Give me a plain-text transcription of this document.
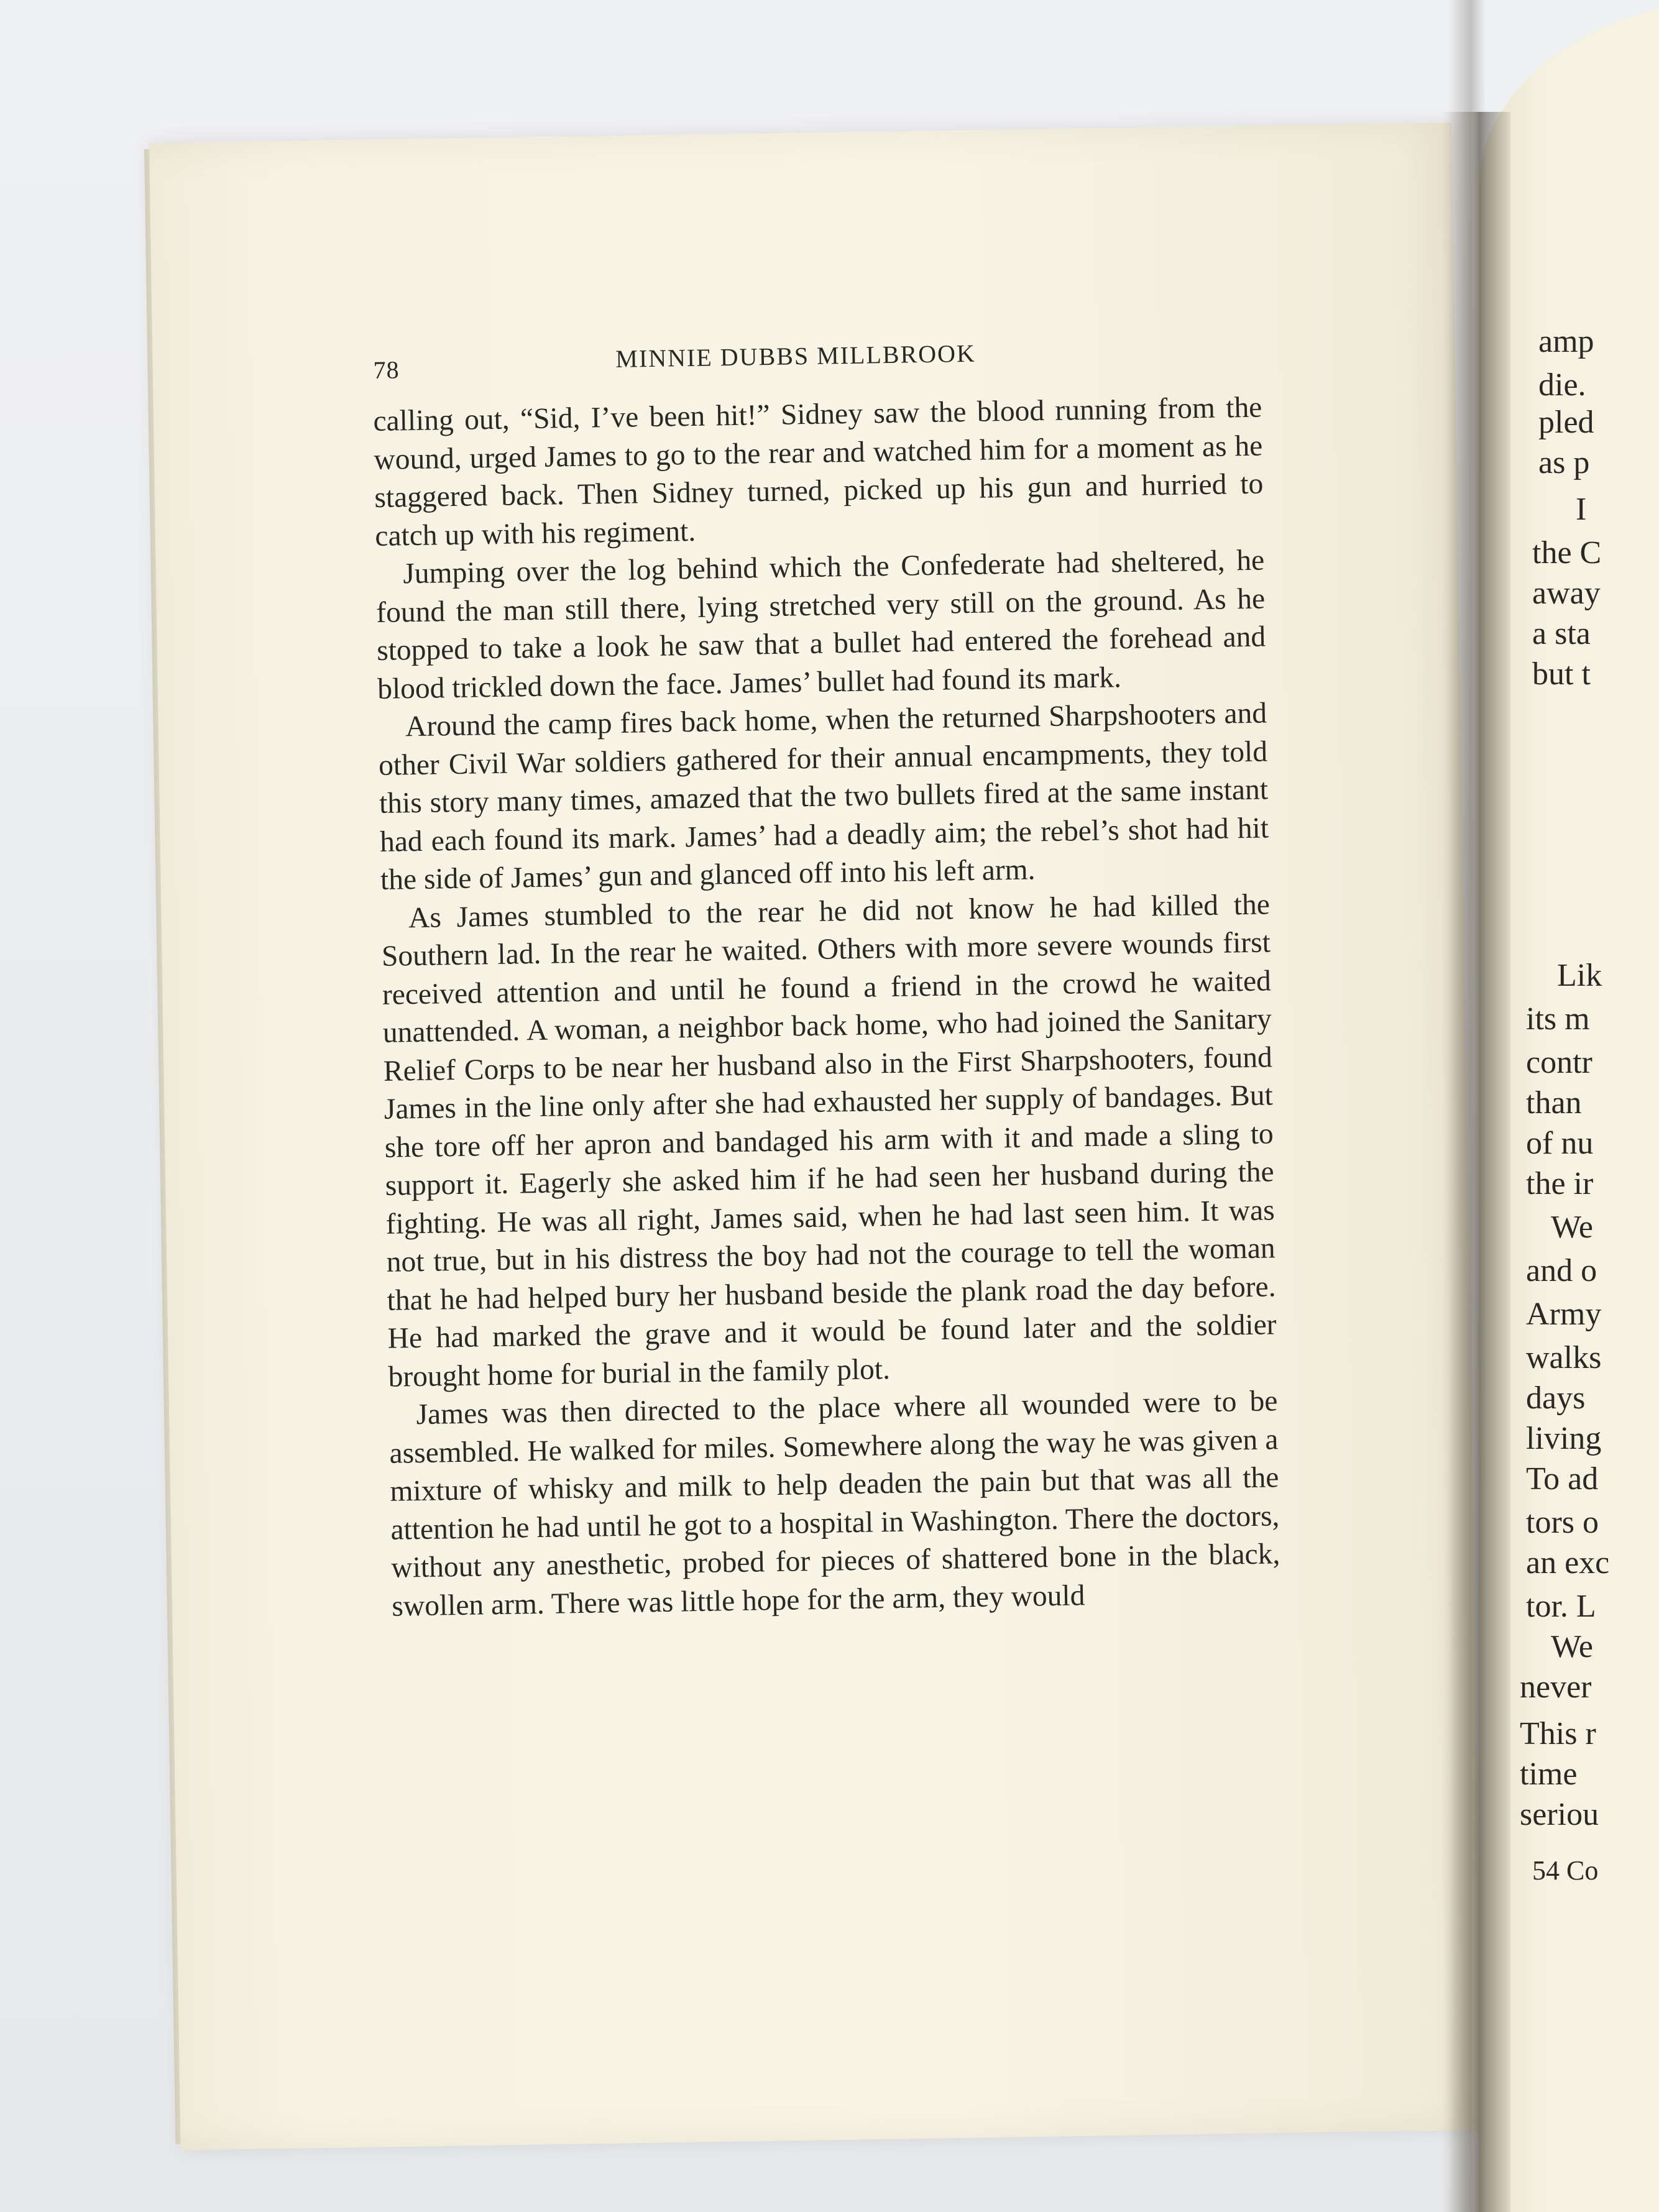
78	MINNIE DUBBS MILLBROOK

calling out, “Sid, I’ve been hit!” Sidney saw the blood running from the wound, urged James to go to the rear and watched him for a moment as he staggered back. Then Sidney turned, picked up his gun and hurried to catch up with his regiment.

Jumping over the log behind which the Confederate had sheltered, he found the man still there, lying stretched very still on the ground. As he stopped to take a look he saw that a bullet had entered the forehead and blood trickled down the face. James’ bullet had found its mark.

Around the camp fires back home, when the returned Sharpshooters and other Civil War soldiers gathered for their annual encampments, they told this story many times, amazed that the two bullets fired at the same instant had each found its mark. James’ had a deadly aim; the rebel’s shot had hit the side of James’ gun and glanced off into his left arm.

As James stumbled to the rear he did not know he had killed the Southern lad. In the rear he waited. Others with more severe wounds first received attention and until he found a friend in the crowd he waited unattended. A woman, a neighbor back home, who had joined the Sanitary Relief Corps to be near her husband also in the First Sharpshooters, found James in the line only after she had exhausted her supply of bandages. But she tore off her apron and bandaged his arm with it and made a sling to support it. Eagerly she asked him if he had seen her husband during the fighting. He was all right, James said, when he had last seen him. It was not true, but in his distress the boy had not the courage to tell the woman that he had helped bury her husband beside the plank road the day before. He had marked the grave and it would be found later and the soldier brought home for burial in the family plot.

James was then directed to the place where all wounded were to be assembled. He walked for miles. Somewhere along the way he was given a mixture of whisky and milk to help deaden the pain but that was all the attention he had until he got to a hospital in Washington. There the doctors, without any anesthetic, probed for pieces of shattered bone in the black, swollen arm. There was little hope for the arm, they would

amp
die.
pled
as p
I
the C
away
a sta
but t
Lik
its m
contr
than
of nu
the ir
We
and o
Army
walks
days
living
To ad
tors o
an exc
tor. L
We
never
This r
time
seriou
54 Co
